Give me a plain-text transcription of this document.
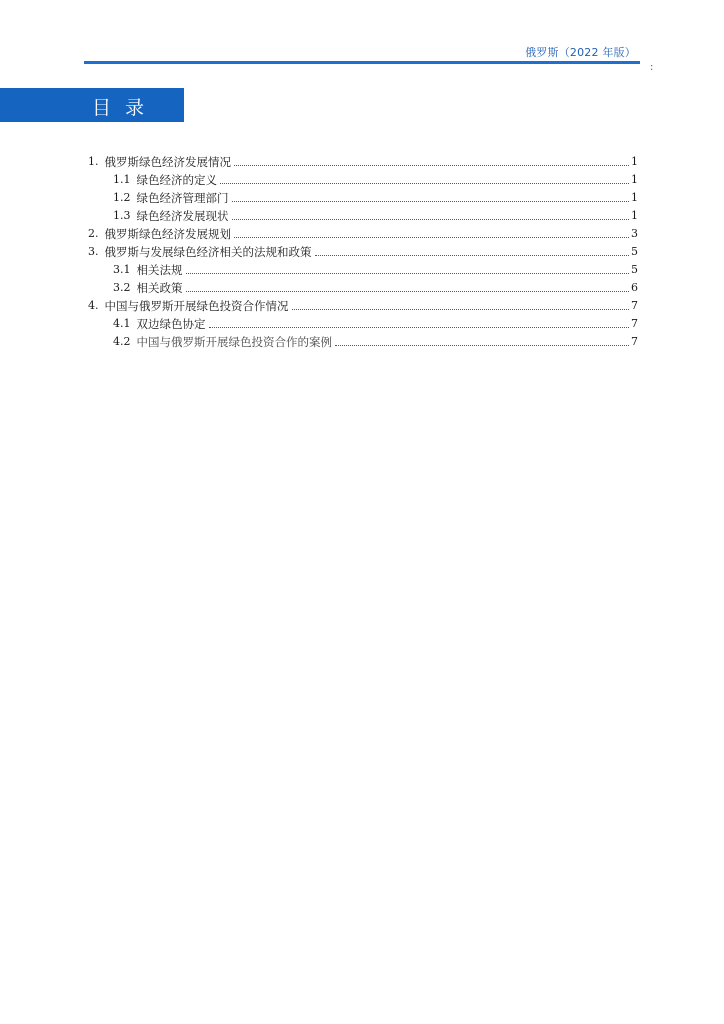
俄罗斯（2022 年版）
:
目录
1. 俄罗斯绿色经济发展情况	1
1.1 绿色经济的定义	1
1.2 绿色经济管理部门	1
1.3 绿色经济发展现状	1
2. 俄罗斯绿色经济发展规划	3
3. 俄罗斯与发展绿色经济相关的法规和政策	5
3.1 相关法规	5
3.2 相关政策	6
4. 中国与俄罗斯开展绿色投资合作情况	7
4.1 双边绿色协定	7
4.2 中国与俄罗斯开展绿色投资合作的案例	7
